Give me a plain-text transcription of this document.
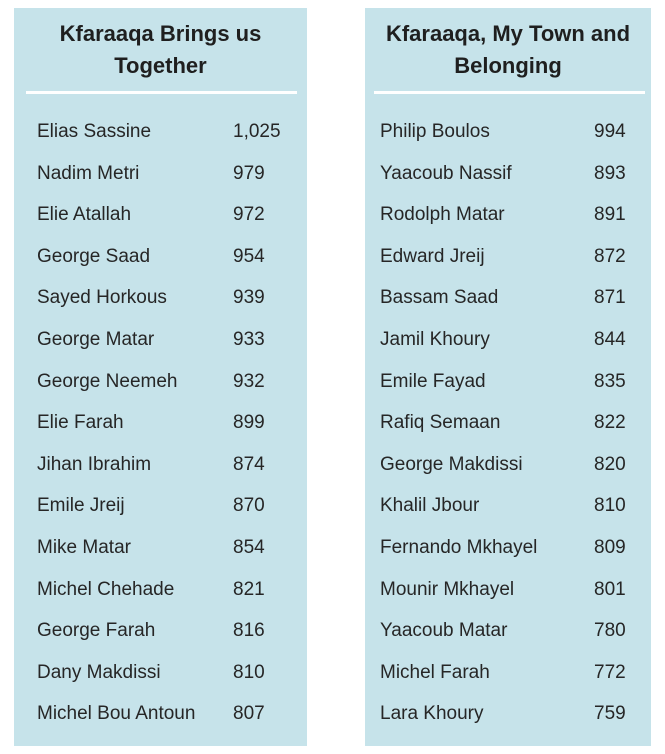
Kfaraaqa Brings us Together
Elias Sassine	1,025
Nadim Metri	979
Elie Atallah	972
George Saad	954
Sayed Horkous	939
George Matar	933
George Neemeh	932
Elie Farah	899
Jihan Ibrahim	874
Emile Jreij	870
Mike Matar	854
Michel Chehade	821
George Farah	816
Dany Makdissi	810
Michel Bou Antoun 807
Kfaraaqa, My Town and Belonging
Philip Boulos	994
Yaacoub Nassif	893
Rodolph Matar	891
Edward Jreij	872
Bassam Saad	871
Jamil Khoury	844
Emile Fayad	835
Rafiq Semaan	822
George Makdissi	820
Khalil Jbour	810
Fernando Mkhayel	809
Mounir Mkhayel	801
Yaacoub Matar	780
Michel Farah	772
Lara Khoury	759
